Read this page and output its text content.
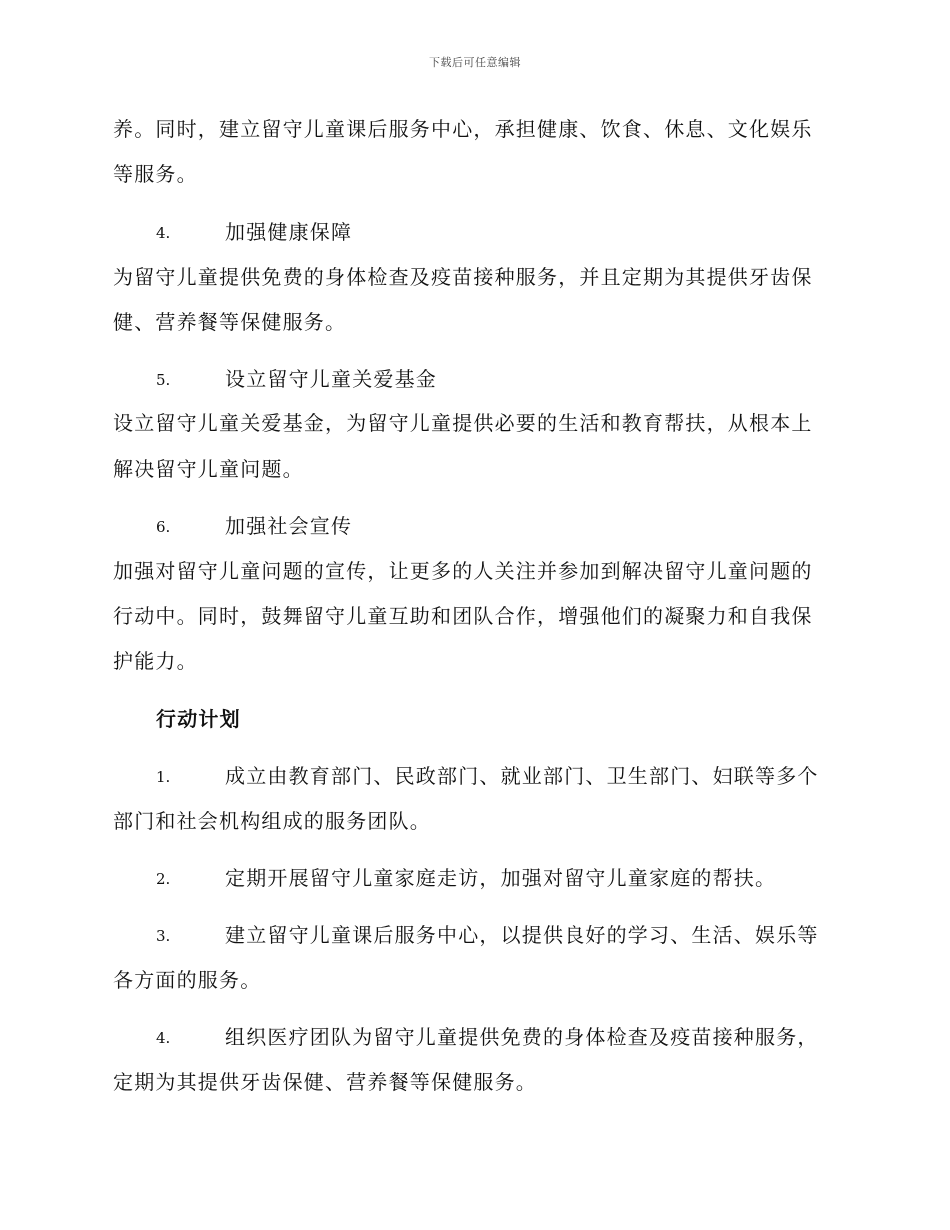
下载后可任意编辑
养。同时，建立留守儿童课后服务中心，承担健康、饮食、休息、文化娱乐
等服务。
4.	加强健康保障
为留守儿童提供免费的身体检查及疫苗接种服务，并且定期为其提供牙齿保
健、营养餐等保健服务。
5.	设立留守儿童关爱基金
设立留守儿童关爱基金，为留守儿童提供必要的生活和教育帮扶，从根本上
解决留守儿童问题。
6.	加强社会宣传
加强对留守儿童问题的宣传，让更多的人关注并参加到解决留守儿童问题的
行动中。同时，鼓舞留守儿童互助和团队合作，增强他们的凝聚力和自我保
护能力。
行动计划
1.	成立由教育部门、民政部门、就业部门、卫生部门、妇联等多个
部门和社会机构组成的服务团队。
2.	定期开展留守儿童家庭走访，加强对留守儿童家庭的帮扶。
3.	建立留守儿童课后服务中心，以提供良好的学习、生活、娱乐等
各方面的服务。
4.	组织医疗团队为留守儿童提供免费的身体检查及疫苗接种服务，
定期为其提供牙齿保健、营养餐等保健服务。
